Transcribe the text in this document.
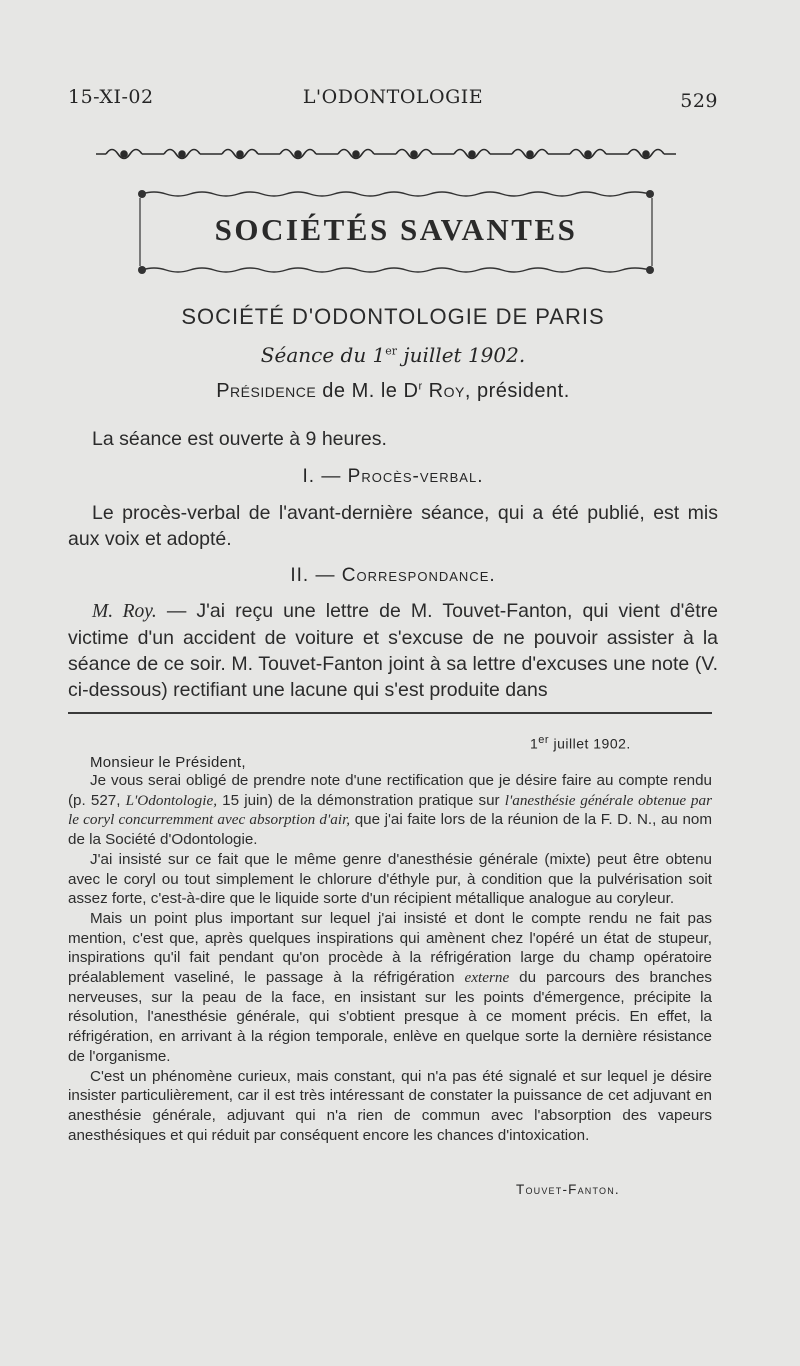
15-XI-02	L'ODONTOLOGIE	529
SOCIÉTÉS SAVANTES
SOCIÉTÉ D'ODONTOLOGIE DE PARIS
Séance du 1er juillet 1902.
Présidence de M. le $D^r$ Roy, président.
La séance est ouverte à 9 heures.
I. — Procès-verbal.
Le procès-verbal de l'avant-dernière séance, qui a été publié, est mis aux voix et adopté.
II. — Correspondance.
M. Roy. — J'ai reçu une lettre de M. Touvet-Fanton, qui vient d'être victime d'un accident de voiture et s'excuse de ne pouvoir assister à la séance de ce soir. M. Touvet-Fanton joint à sa lettre d'excuses une note (V. ci-dessous) rectifiant une lacune qui s'est produite dans
1er juillet 1902.
Monsieur le Président,

Je vous serai obligé de prendre note d'une rectification que je désire faire au compte rendu (p. 527, L'Odontologie, 15 juin) de la démonstration pratique sur l'anesthésie générale obtenue par le coryl concurremment avec absorption d'air, que j'ai faite lors de la réunion de la F. D. N., au nom de la Société d'Odontologie.

J'ai insisté sur ce fait que le même genre d'anesthésie générale (mixte) peut être obtenu avec le coryl ou tout simplement le chlorure d'éthyle pur, à condition que la pulvérisation soit assez forte, c'est-à-dire que le liquide sorte d'un récipient métallique analogue au coryleur.

Mais un point plus important sur lequel j'ai insisté et dont le compte rendu ne fait pas mention, c'est que, après quelques inspirations qui amènent chez l'opéré un état de stupeur, inspirations qu'il fait pendant qu'on procède à la réfrigération large du champ opératoire préalablement vaseliné, le passage à la réfrigération externe du parcours des branches nerveuses, sur la peau de la face, en insistant sur les points d'émergence, précipite la résolution, l'anesthésie générale, qui s'obtient presque à ce moment précis. En effet, la réfrigération, en arrivant à la région temporale, enlève en quelque sorte la dernière résistance de l'organisme.

C'est un phénomène curieux, mais constant, qui n'a pas été signalé et sur lequel je désire insister particulièrement, car il est très intéressant de constater la puissance de cet adjuvant en anesthésie générale, adjuvant qui n'a rien de commun avec l'absorption des vapeurs anesthésiques et qui réduit par conséquent encore les chances d'intoxication.

Touvet-Fanton.
